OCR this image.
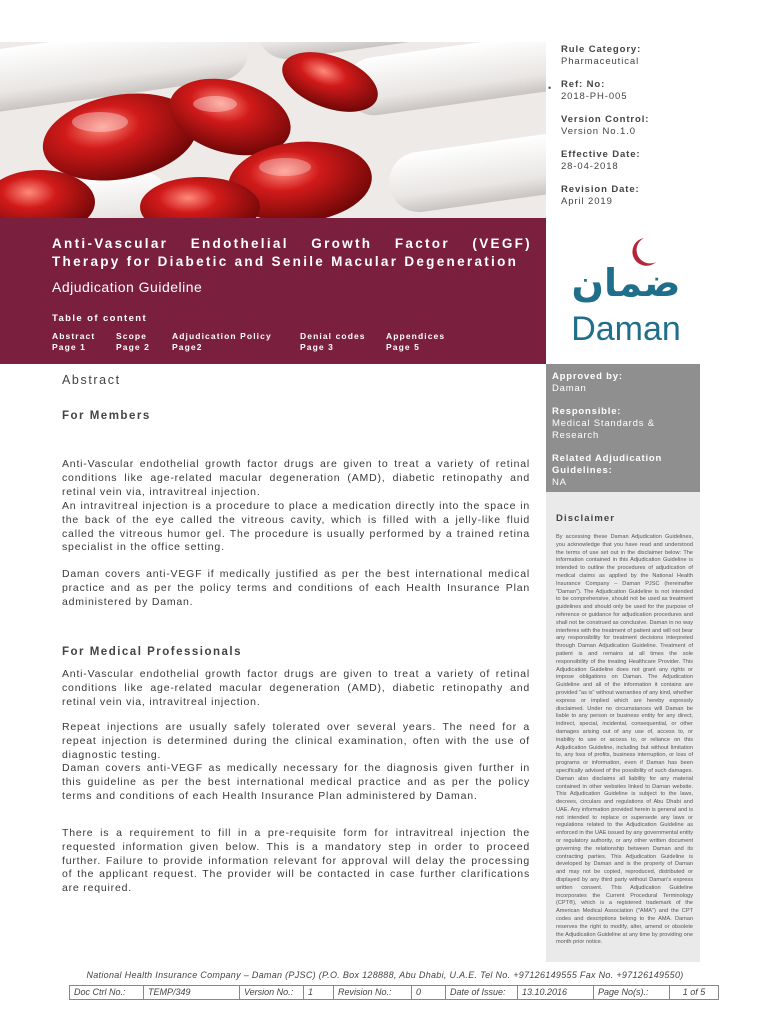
•
Rule Category:
Pharmaceutical
Ref: No:
2018-PH-005
Version Control:
Version No.1.0
Effective Date:
28-04-2018
Revision Date:
April 2019
Anti-Vascular Endothelial Growth Factor (VEGF)
Therapy for Diabetic and Senile Macular Degeneration
Adjudication Guideline
Table of content
Abstract
Page 1
Scope
Page 2
Adjudication Policy
Page2
Denial codes
Page 3
Appendices
Page 5
ضمان
Daman
Approved by:
Daman
Responsible:
Medical Standards & Research
Related Adjudication Guidelines:
NA
Disclaimer
By accessing these Daman Adjudication Guidelines, you acknowledge that you have read and understood the terms of use set out in the disclaimer below: The information contained in this Adjudication Guideline is intended to outline the procedures of adjudication of medical claims as applied by the National Health Insurance Company – Daman PJSC (hereinafter "Daman"). The Adjudication Guideline is not intended to be comprehensive, should not be used as treatment guidelines and should only be used for the purpose of reference or guidance for adjudication procedures and shall not be construed as conclusive. Daman in no way interferes with the treatment of patient and will not bear any responsibility for treatment decisions interpreted through Daman Adjudication Guideline. Treatment of patient is and remains at all times the sole responsibility of the treating Healthcare Provider. This Adjudication Guideline does not grant any rights or impose obligations on Daman. The Adjudication Guideline and all of the information it contains are provided "as is" without warranties of any kind, whether express or implied which are hereby expressly disclaimed. Under no circumstances will Daman be liable to any person or business entity for any direct, indirect, special, incidental, consequential, or other damages arising out of any use of, access to, or inability to use or access to, or reliance on this Adjudication Guideline, including but without limitation to, any loss of profits, business interruption, or loss of programs or information, even if Daman has been specifically advised of the possibility of such damages. Daman also disclaims all liability for any material contained in other websites linked to Daman website. This Adjudication Guideline is subject to the laws, decrees, circulars and regulations of Abu Dhabi and UAE. Any information provided herein is general and is not intended to replace or supersede any laws or regulations related to the Adjudication Guideline as enforced in the UAE issued by any governmental entity or regulatory authority, or any other written document governing the relationship between Daman and its contracting parties. This Adjudication Guideline is developed by Daman and is the property of Daman and may not be copied, reproduced, distributed or displayed by any third party without Daman's express written consent. This Adjudication Guideline incorporates the Current Procedural Terminology (CPT®), which is a registered trademark of the American Medical Association ("AMA") and the CPT codes and descriptions belong to the AMA. Daman reserves the right to modify, alter, amend or obsolete the Adjudication Guideline at any time by providing one month prior notice.
Abstract
For Members

Anti-Vascular endothelial growth factor drugs are given to treat a variety of retinal conditions like age-related macular degeneration (AMD), diabetic retinopathy and retinal vein via, intravitreal injection.

An intravitreal injection is a procedure to place a medication directly into the space in the back of the eye called the vitreous cavity, which is filled with a jelly-like fluid called the vitreous humor gel. The procedure is usually performed by a trained retina specialist in the office setting.

Daman covers anti-VEGF if medically justified as per the best international medical practice and as per the policy terms and conditions of each Health Insurance Plan administered by Daman.

For Medical Professionals

Anti-Vascular endothelial growth factor drugs are given to treat a variety of retinal conditions like age-related macular degeneration (AMD), diabetic retinopathy and retinal vein via, intravitreal injection.

Repeat injections are usually safely tolerated over several years. The need for a repeat injection is determined during the clinical examination, often with the use of diagnostic testing.

Daman covers anti-VEGF as medically necessary for the diagnosis given further in this guideline as per the best international medical practice and as per the policy terms and conditions of each Health Insurance Plan administered by Daman.

There is a requirement to fill in a pre-requisite form for intravitreal injection the requested information given below. This is a mandatory step in order to proceed further. Failure to provide information relevant for approval will delay the processing of the applicant request. The provider will be contacted in case further clarifications are required.

National Health Insurance Company – Daman (PJSC) (P.O. Box 128888, Abu Dhabi, U.A.E. Tel No. +97126149555 Fax No. +97126149550)
Doc Ctrl No.:	TEMP/349	Version No.:	1	Revision No.:	0	Date of Issue:	13.10.2016	Page No(s).:	1 of 5
